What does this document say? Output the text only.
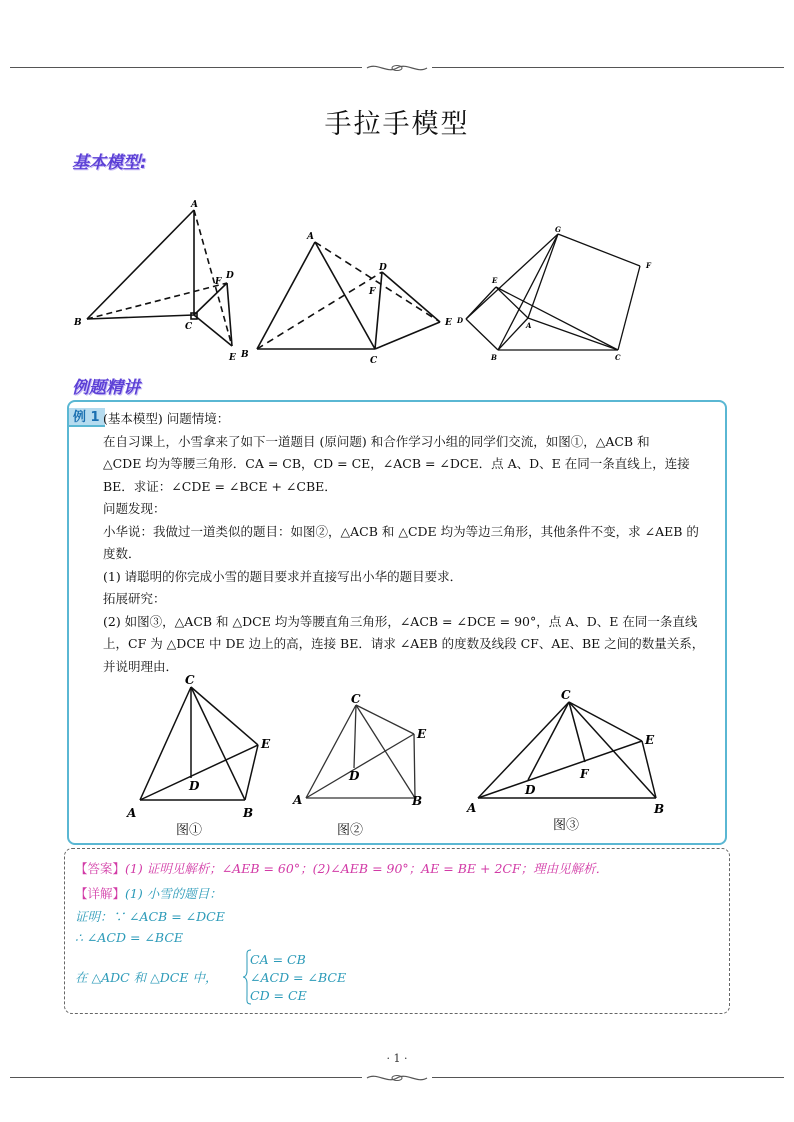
手拉手模型
基本模型:
A
B	C
D
E
F
A
B
C
D
E
F
G
F
E
D
A
B	C
例题精讲
例 1 (基本模型) 问题情境：

在自习课上，小雪拿来了如下一道题目 (原问题) 和合作学习小组的同学们交流，如图①，△ACB 和

△CDE 均为等腰三角形．CA = CB，CD = CE，∠ACB = ∠DCE．点 A、D、E 在同一条直线上，连接

BE．求证：∠CDE = ∠BCE + ∠CBE．

问题发现：

小华说：我做过一道类似的题目：如图②，△ACB 和 △CDE 均为等边三角形，其他条件不变，求 ∠AEB 的

度数．

(1) 请聪明的你完成小雪的题目要求并直接写出小华的题目要求．

拓展研究：

(2) 如图③，△ACB 和 △DCE 均为等腰直角三角形，∠ACB = ∠DCE = 90°，点 A、D、E 在同一条直线

上，CF 为 △DCE 中 DE 边上的高，连接 BE．请求 ∠AEB 的度数及线段 CF、AE、BE 之间的数量关系，

并说明理由．

C
A	B
D
E
图①
C
A	B
D
E
图②
C
A	B
D
E
F
图③
【答案】(1) 证明见解析；∠AEB = 60°；(2)∠AEB = 90°；AE = BE + 2CF；理由见解析．
【详解】(1) 小雪的题目：
证明：∵ ∠ACB = ∠DCE
∴ ∠ACD = ∠BCE
在 △ADC 和 △DCE 中，
CA = CB
∠ACD = ∠BCE
CD = CE
· 1 ·
